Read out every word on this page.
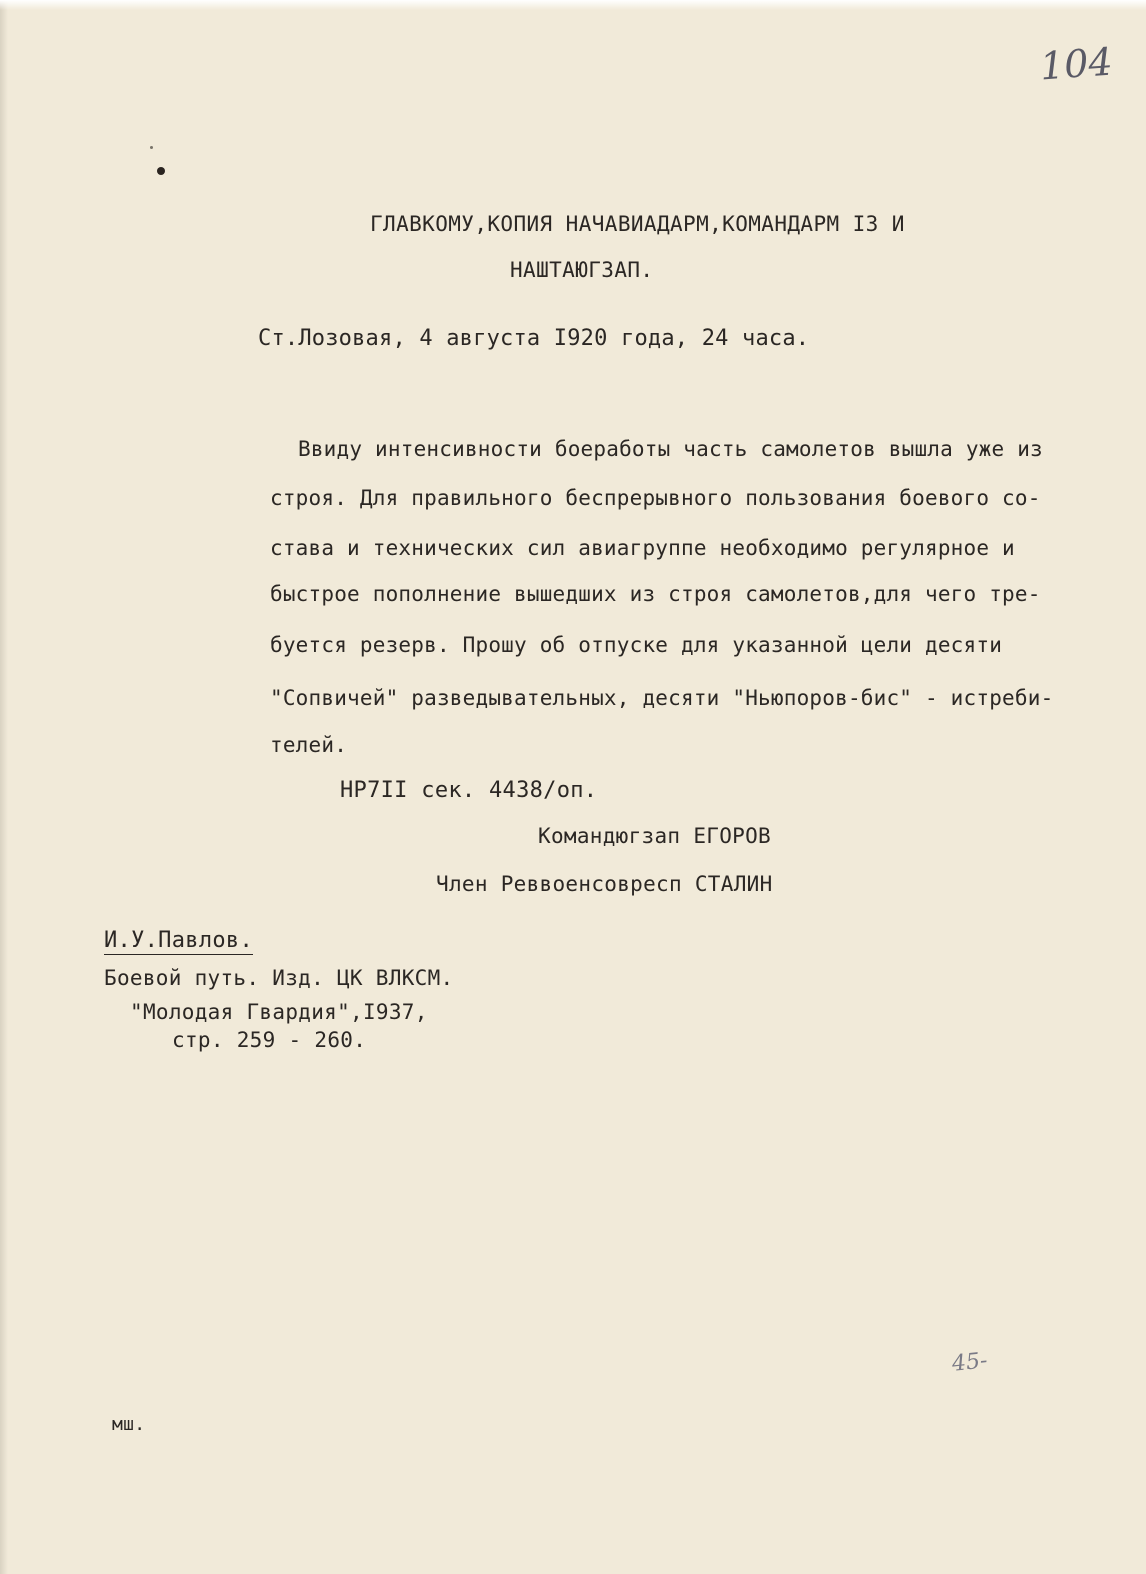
104
ГЛАВКОМУ,КОПИЯ НАЧАВИАДАРМ,КОМАНДАРМ I3 И
НАШТАЮГЗАП.
Ст.Лозовая, 4 августа I920 года, 24 часа.
Ввиду интенсивности боеработы часть самолетов вышла уже из
строя. Для правильного беспрерывного пользования боевого со-
става и технических сил авиагруппе необходимо регулярное и
быстрое пополнение вышедших из строя самолетов,для чего тре-
буется резерв. Прошу об отпуске для указанной цели десяти
"Сопвичей" разведывательных, десяти "Ньюпоров-бис" - истреби-
телей.
НР7II сек. 4438/оп.
Командюгзап ЕГОРОВ
Член Реввоенсовресп СТАЛИН
И.У.Павлов.
Боевой путь. Изд. ЦК ВЛКСМ.
"Молодая Гвардия",I937,
стр. 259 - 260.
45-
мш.
